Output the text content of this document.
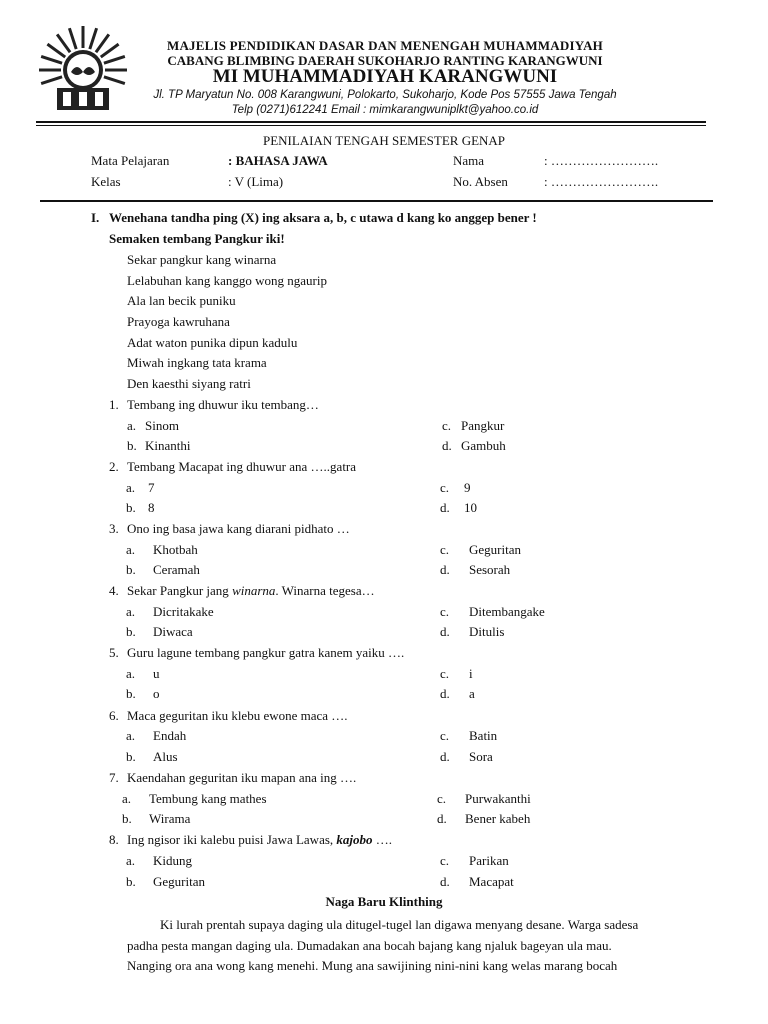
MAJELIS PENDIDIKAN DASAR DAN MENENGAH MUHAMMADIYAH
CABANG BLIMBING DAERAH SUKOHARJO RANTING KARANGWUNI
MI MUHAMMADIYAH KARANGWUNI
Jl. TP Maryatun No. 008 Karangwuni, Polokarto, Sukoharjo, Kode Pos 57555 Jawa Tengah
Telp (0271)612241 Email : mimkarangwuniplkt@yahoo.co.id
PENILAIAN TENGAH SEMESTER GENAP
Mata Pelajaran	: BAHASA JAWA
Kelas	: V (Lima)
Nama	: …………………….
No. Absen	: …………………….
I. Wenehana tandha ping (X) ing aksara a, b, c utawa d kang ko anggep bener !
Semaken tembang Pangkur iki!
Sekar pangkur kang winarna
Lelabuhan kang kanggo wong ngaurip
Ala lan becik puniku
Prayoga kawruhana
Adat waton punika dipun kadulu
Miwah ingkang tata krama
Den kaesthi siyang ratri
1. Tembang ing dhuwur iku tembang…
a. Sinom
b. Kinanthi
c. Pangkur
d. Gambuh
2. Tembang Macapat ing dhuwur ana …..gatra
a. 7
b. 8
c. 9
d. 10
3. Ono ing basa jawa kang diarani pidhato …
a. Khotbah
b. Ceramah
c. Geguritan
d. Sesorah
4. Sekar Pangkur jang winarna. Winarna tegesa…
a. Dicritakake
b. Diwaca
c. Ditembangake
d. Ditulis
5. Guru lagune tembang pangkur gatra kanem yaiku ….
a. u
b. o
c. i
d. a
6. Maca geguritan iku klebu ewone maca ….
a. Endah
b. Alus
c. Batin
d. Sora
7. Kaendahan geguritan iku mapan ana ing ….
a. Tembung kang mathes
b. Wirama
c. Purwakanthi
d. Bener kabeh
8. Ing ngisor iki kalebu puisi Jawa Lawas, kajobo ….
a. Kidung
b. Geguritan
c. Parikan
d. Macapat
Naga Baru Klinthing
Ki lurah prentah supaya daging ula ditugel-tugel lan digawa menyang desane. Warga sadesa
padha pesta mangan daging ula. Dumadakan ana bocah bajang kang njaluk bageyan ula mau.
Nanging ora ana wong kang menehi. Mung ana sawijining nini-nini kang welas marang bocah
